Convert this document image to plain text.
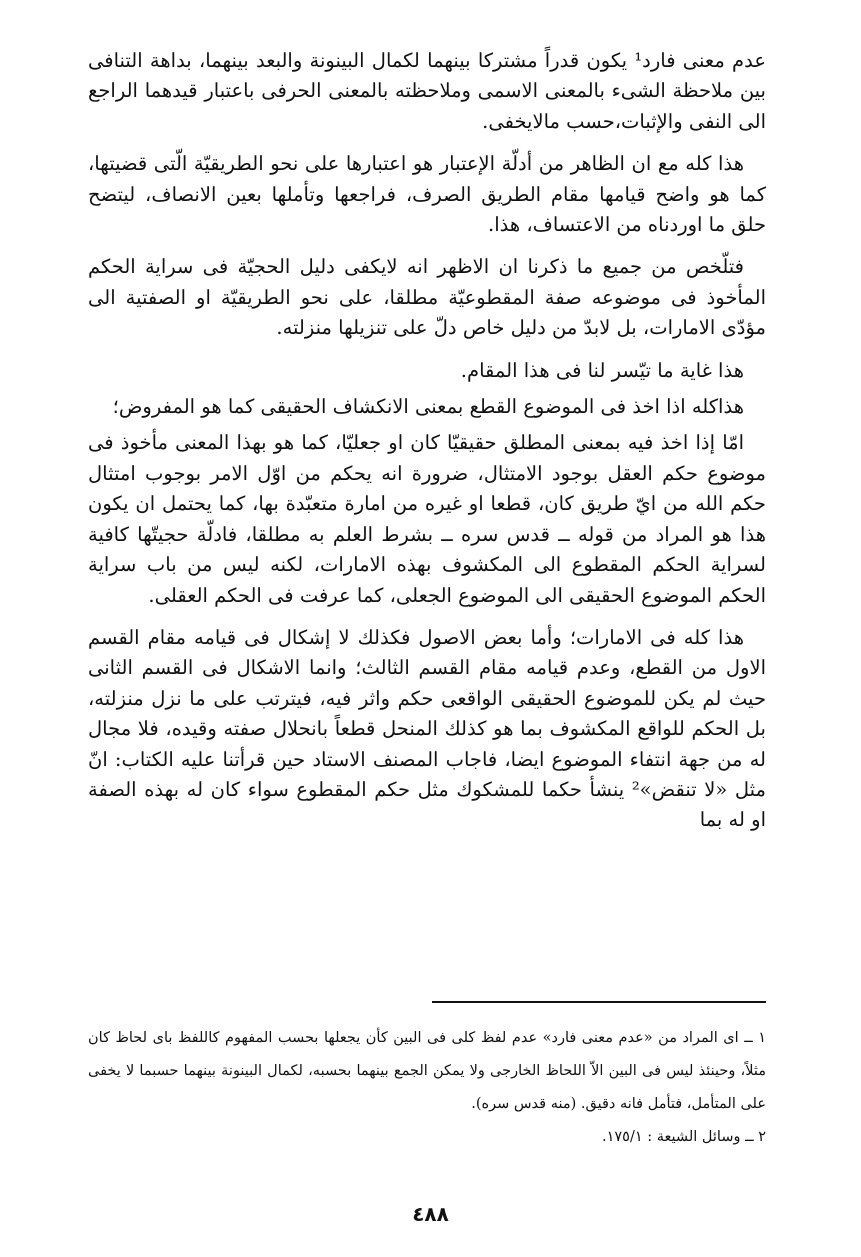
عدم معنى فارد¹ يكون قدراً مشتركا بينهما لكمال البينونة والبعد بينهما، بداهة التنافى بين ملاحظة الشىء بالمعنى الاسمى وملاحظته بالمعنى الحرفى باعتبار قيدهما الراجع الى النفى والإثبات،حسب مالايخفى.

هذا كله مع ان الظاهر من أدلّة الإعتبار هو اعتبارها على نحو الطريقيّة الّتى قضيتها، كما هو واضح قيامها مقام الطريق الصرف، فراجعها وتأملها بعين الانصاف، ليتضح حلق ما اوردناه من الاعتساف، هذا.

فتلّخص من جميع ما ذكرنا ان الاظهر انه لايكفى دليل الحجيّة فى سراية الحكم المأخوذ فى موضوعه صفة المقطوعيّة مطلقا، على نحو الطريقيّة او الصفتية الى مؤدّى الامارات، بل لابدّ من دليل خاص دلّ على تنزيلها منزلته.

هذا غاية ما تيّسر لنا فى هذا المقام.

هذاكله اذا اخذ فى الموضوع القطع بمعنى الانكشاف الحقيقى كما هو المفروض؛

امّا إذا اخذ فيه بمعنى المطلق حقيقيّا كان او جعليّا، كما هو بهذا المعنى مأخوذ فى موضوع حكم العقل بوجود الامتثال، ضرورة انه يحكم من اوّل الامر بوجوب امتثال حكم الله من ايّ طريق كان، قطعا او غيره من امارة متعبّدة بها، كما يحتمل ان يكون هذا هو المراد من قوله ــ قدس سره ــ بشرط العلم به مطلقا، فادلّة حجيتّها كافية لسراية الحكم المقطوع الى المكشوف بهذه الامارات، لكنه ليس من باب سراية الحكم الموضوع الحقيقى الى الموضوع الجعلى، كما عرفت فى الحكم العقلى.

هذا كله فى الامارات؛ وأما بعض الاصول فكذلك لا إشكال فى قيامه مقام القسم الاول من القطع، وعدم قيامه مقام القسم الثالث؛ وانما الاشكال فى القسم الثانى حيث لم يكن للموضوع الحقيقى الواقعى حكم واثر فيه، فيترتب على ما نزل منزلته، بل الحكم للواقع المكشوف بما هو كذلك المنحل قطعاً بانحلال صفته وقيده، فلا مجال له من جهة انتفاء الموضوع ايضا، فاجاب المصنف الاستاد حين قرأتنا عليه الكتاب: انّ مثل «لا تنقض»² ينشأ حكما للمشكوك مثل حكم المقطوع سواء كان له بهذه الصفة او له بما

١ ــ اى المراد من «عدم معنى فارد» عدم لفظ كلى فى البين كأن يجعلها بحسب المفهوم كاللفظ باى لحاظ كان مثلاً، وحينئذ ليس فى البين الاّ اللحاظ الخارجى ولا يمكن الجمع بينهما بحسبه، لكمال البينونة بينهما حسبما لا يخفى على المتأمل، فتأمل فانه دقيق. (منه قدس سره).

٢ ــ وسائل الشيعة : ١٧٥/١.

٤٨٨
